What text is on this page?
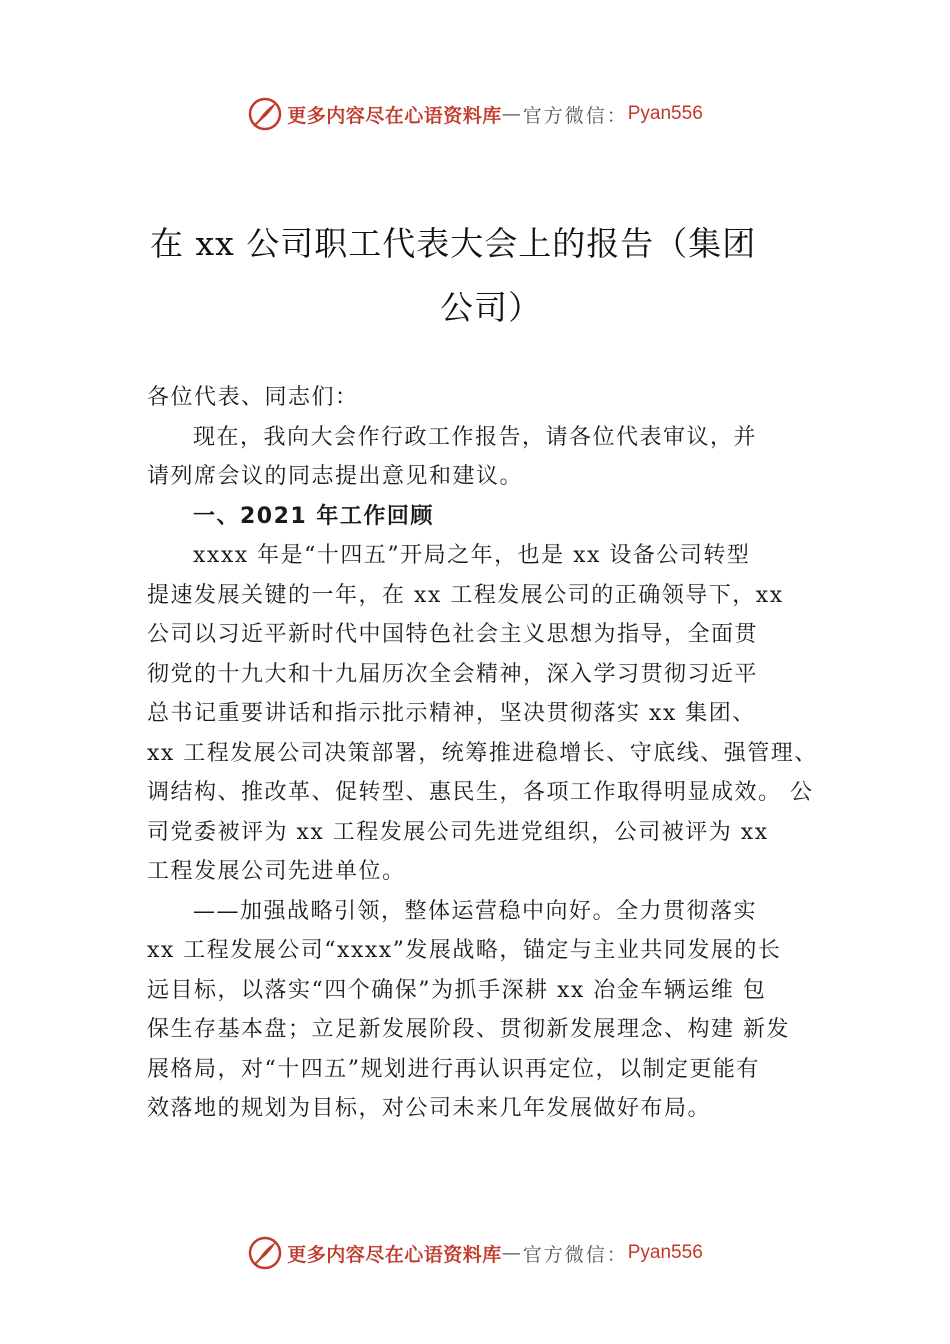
更多内容尽在心语资料库 — 官方微信： Pyan556
在 xx 公司职工代表大会上的报告（集团
公司）
各位代表、同志们：
现在，我向大会作行政工作报告，请各位代表审议，并
请列席会议的同志提出意见和建议。
一、2021 年工作回顾
xxxx 年是“十四五”开局之年，也是 xx 设备公司转型
提速发展关键的一年，在 xx 工程发展公司的正确领导下，xx
公司以习近平新时代中国特色社会主义思想为指导，全面贯
彻党的十九大和十九届历次全会精神，深入学习贯彻习近平
总书记重要讲话和指示批示精神，坚决贯彻落实 xx 集团、
xx 工程发展公司决策部署，统筹推进稳增长、守底线、强管理、
调结构、推改革、促转型、惠民生，各项工作取得明显成效。 公
司党委被评为 xx 工程发展公司先进党组织，公司被评为 xx
工程发展公司先进单位。
——加强战略引领，整体运营稳中向好。全力贯彻落实
xx 工程发展公司“xxxx”发展战略，锚定与主业共同发展的长
远目标，以落实“四个确保”为抓手深耕 xx 冶金车辆运维 包
保生存基本盘；立足新发展阶段、贯彻新发展理念、构建 新发
展格局，对“十四五”规划进行再认识再定位，以制定更能有
效落地的规划为目标，对公司未来几年发展做好布局。
更多内容尽在心语资料库 — 官方微信： Pyan556
